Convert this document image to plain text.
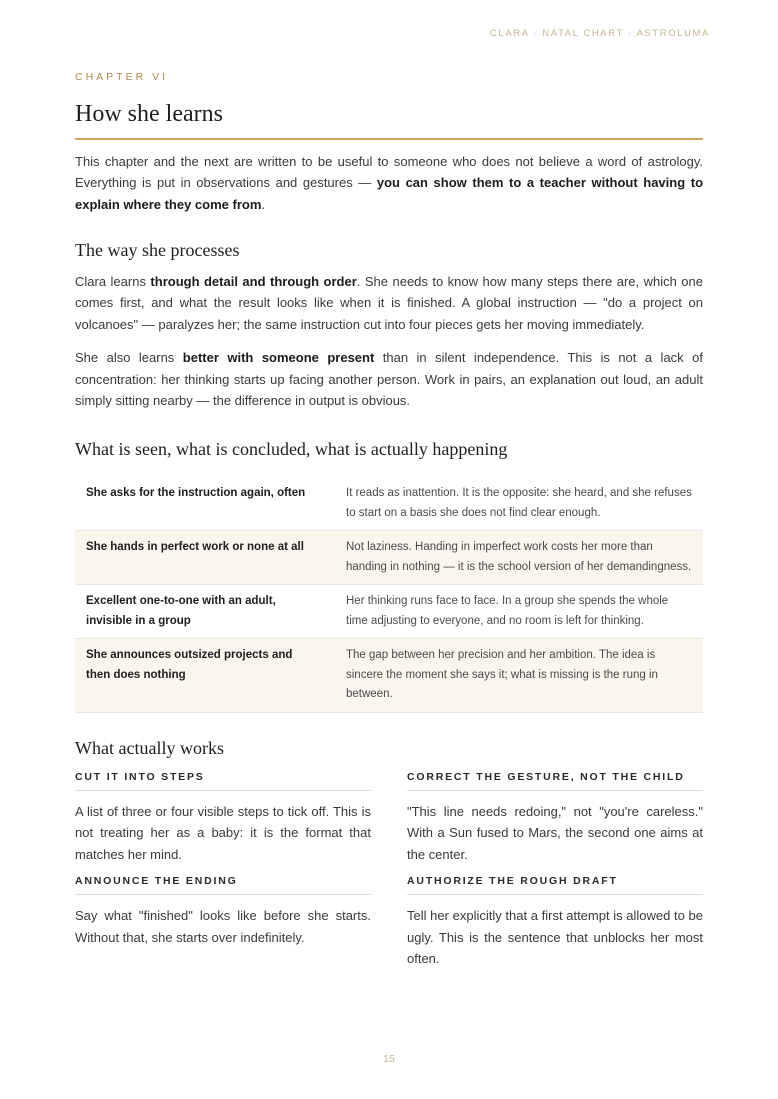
CLARA · NATAL CHART · ASTROLUMA
CHAPTER VI
How she learns

This chapter and the next are written to be useful to someone who does not believe a word of astrology. Everything is put in observations and gestures — you can show them to a teacher without having to explain where they come from.

The way she processes

Clara learns through detail and through order. She needs to know how many steps there are, which one comes first, and what the result looks like when it is finished. A global instruction — "do a project on volcanoes" — paralyzes her; the same instruction cut into four pieces gets her moving immediately.

She also learns better with someone present than in silent independence. This is not a lack of concentration: her thinking starts up facing another person. Work in pairs, an explanation out loud, an adult simply sitting nearby — the difference in output is obvious.

What is seen, what is concluded, what is actually happening
She asks for the instruction again, often	It reads as inattention. It is the opposite: she heard, and she refuses to start on a basis she does not find clear enough.
She hands in perfect work or none at all	Not laziness. Handing in imperfect work costs her more than handing in nothing — it is the school version of her demandingness.
Excellent one-to-one with an adult, invisible in a group	Her thinking runs face to face. In a group she spends the whole time adjusting to everyone, and no room is left for thinking.
She announces outsized projects and then does nothing	The gap between her precision and her ambition. The idea is sincere the moment she says it; what is missing is the rung in between.
What actually works
CUT IT INTO STEPS
A list of three or four visible steps to tick off. This is not treating her as a baby: it is the format that matches her mind.
CORRECT THE GESTURE, NOT THE CHILD
"This line needs redoing," not "you're careless." With a Sun fused to Mars, the second one aims at the center.
ANNOUNCE THE ENDING
Say what "finished" looks like before she starts. Without that, she starts over indefinitely.
AUTHORIZE THE ROUGH DRAFT
Tell her explicitly that a first attempt is allowed to be ugly. This is the sentence that unblocks her most often.
15
